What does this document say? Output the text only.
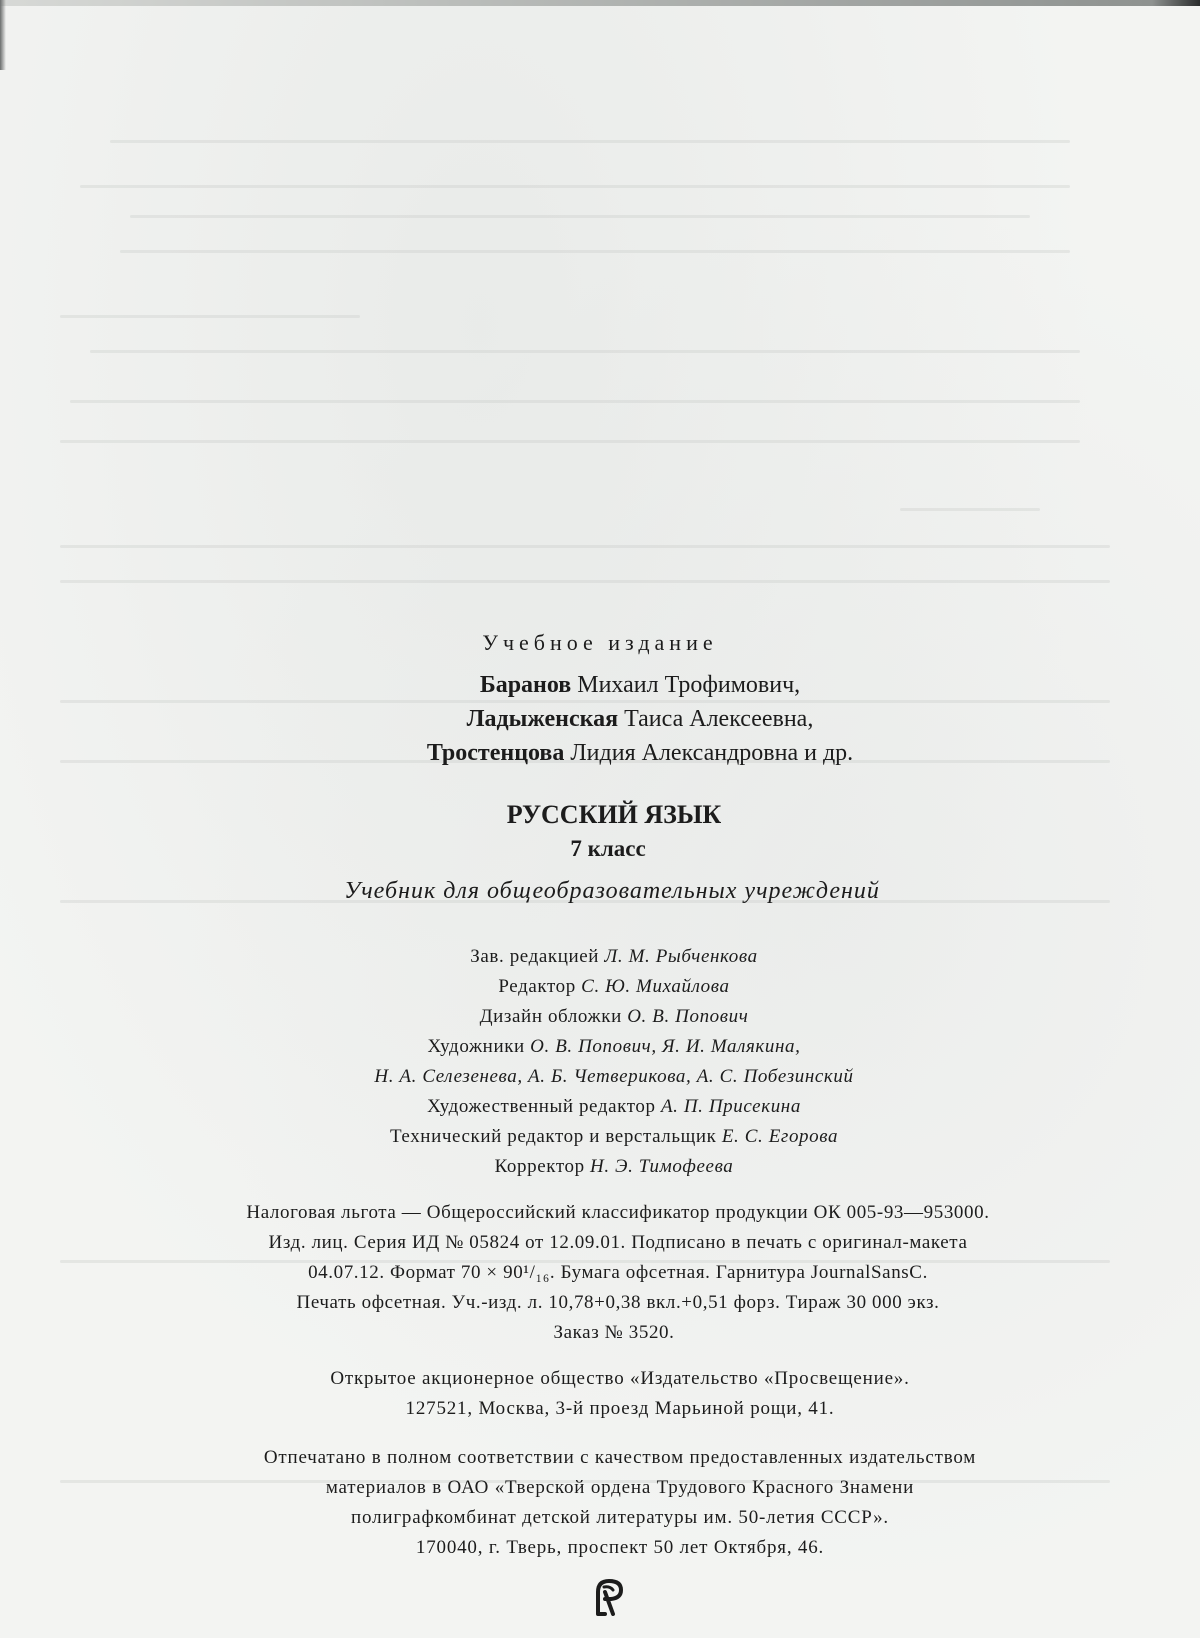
Учебное издание
Баранов Михаил Трофимович,
Ладыженская Таиса Алексеевна,
Тростенцова Лидия Александровна и др.
РУССКИЙ ЯЗЫК
7 класс
Учебник для общеобразовательных учреждений
Зав. редакцией Л. М. Рыбченкова
Редактор С. Ю. Михайлова
Дизайн обложки О. В. Попович
Художники О. В. Попович, Я. И. Малякина,
Н. А. Селезенева, А. Б. Четверикова, А. С. Побезинский
Художественный редактор А. П. Присекина
Технический редактор и верстальщик Е. С. Егорова
Корректор Н. Э. Тимофеева
Налоговая льгота — Общероссийский классификатор продукции ОК 005-93—953000.
Изд. лиц. Серия ИД № 05824 от 12.09.01. Подписано в печать с оригинал-макета
04.07.12. Формат 70 × 90¹/₁₆. Бумага офсетная. Гарнитура JournalSansC.
Печать офсетная. Уч.-изд. л. 10,78+0,38 вкл.+0,51 форз. Тираж 30 000 экз.
Заказ № 3520.
Открытое акционерное общество «Издательство «Просвещение».
127521, Москва, 3-й проезд Марьиной рощи, 41.
Отпечатано в полном соответствии с качеством предоставленных издательством
материалов в ОАО «Тверской ордена Трудового Красного Знамени
полиграфкомбинат детской литературы им. 50-летия СССР».
170040, г. Тверь, проспект 50 лет Октября, 46.
